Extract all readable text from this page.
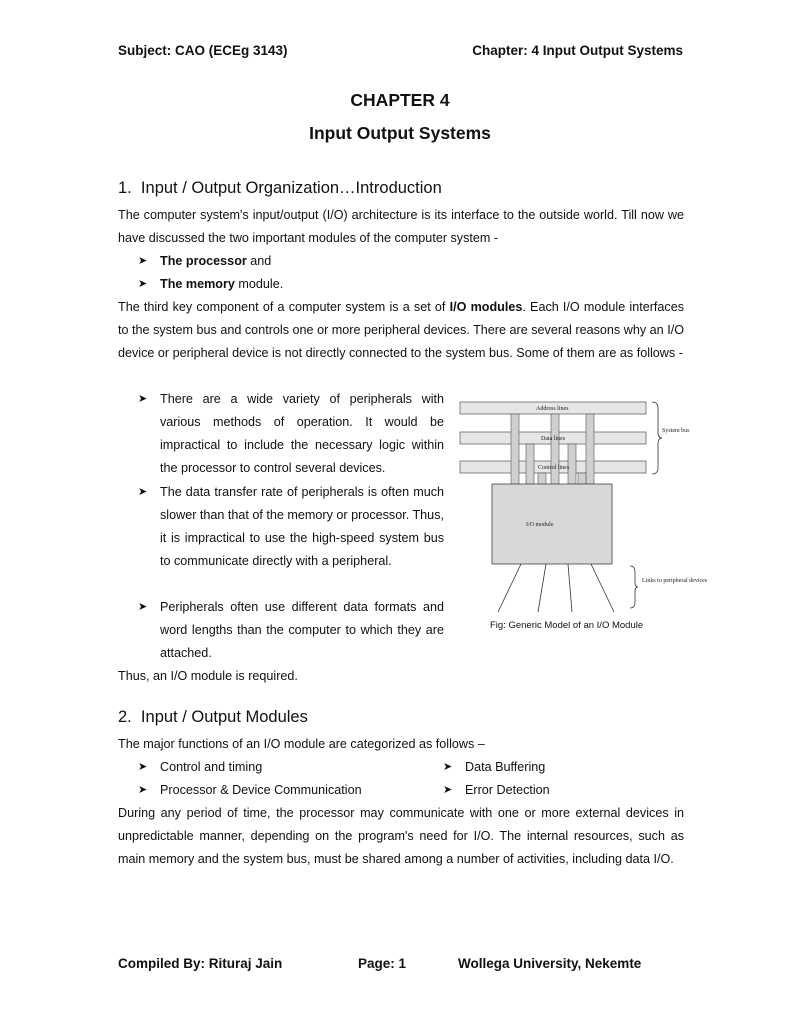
Subject: CAO (ECEg 3143)	Chapter: 4 Input Output Systems
CHAPTER 4
Input Output Systems
1.  Input / Output Organization…Introduction
The computer system's input/output (I/O) architecture is its interface to the outside world. Till now we have discussed the two important modules of the computer system -
➤ The processor and
➤ The memory module.
The third key component of a computer system is a set of I/O modules. Each I/O module interfaces to the system bus and controls one or more peripheral devices. There are several reasons why an I/O device or peripheral device is not directly connected to the system bus. Some of them are as follows -
➤ There are a wide variety of peripherals with various methods of operation. It would be impractical to include the necessary logic within the processor to control several devices.
➤ The data transfer rate of peripherals is often much slower than that of the memory or processor. Thus, it is impractical to use the high-speed system bus to communicate directly with a peripheral.
➤ Peripherals often use different data formats and word lengths than the computer to which they are attached.
Thus, an I/O module is required.
Address lines
Data lines
Control lines
I/O module
System bus
Links to peripheral devices
Fig: Generic Model of an I/O Module
2.  Input / Output Modules
The major functions of an I/O module are categorized as follows –
➤ Control and timing	➤ Data Buffering
➤ Processor & Device Communication	➤ Error Detection
During any period of time, the processor may communicate with one or more external devices in unpredictable manner, depending on the program's need for I/O. The internal resources, such as main memory and the system bus, must be shared among a number of activities, including data I/O.
Compiled By: Rituraj Jain	Page: 1	Wollega University, Nekemte
